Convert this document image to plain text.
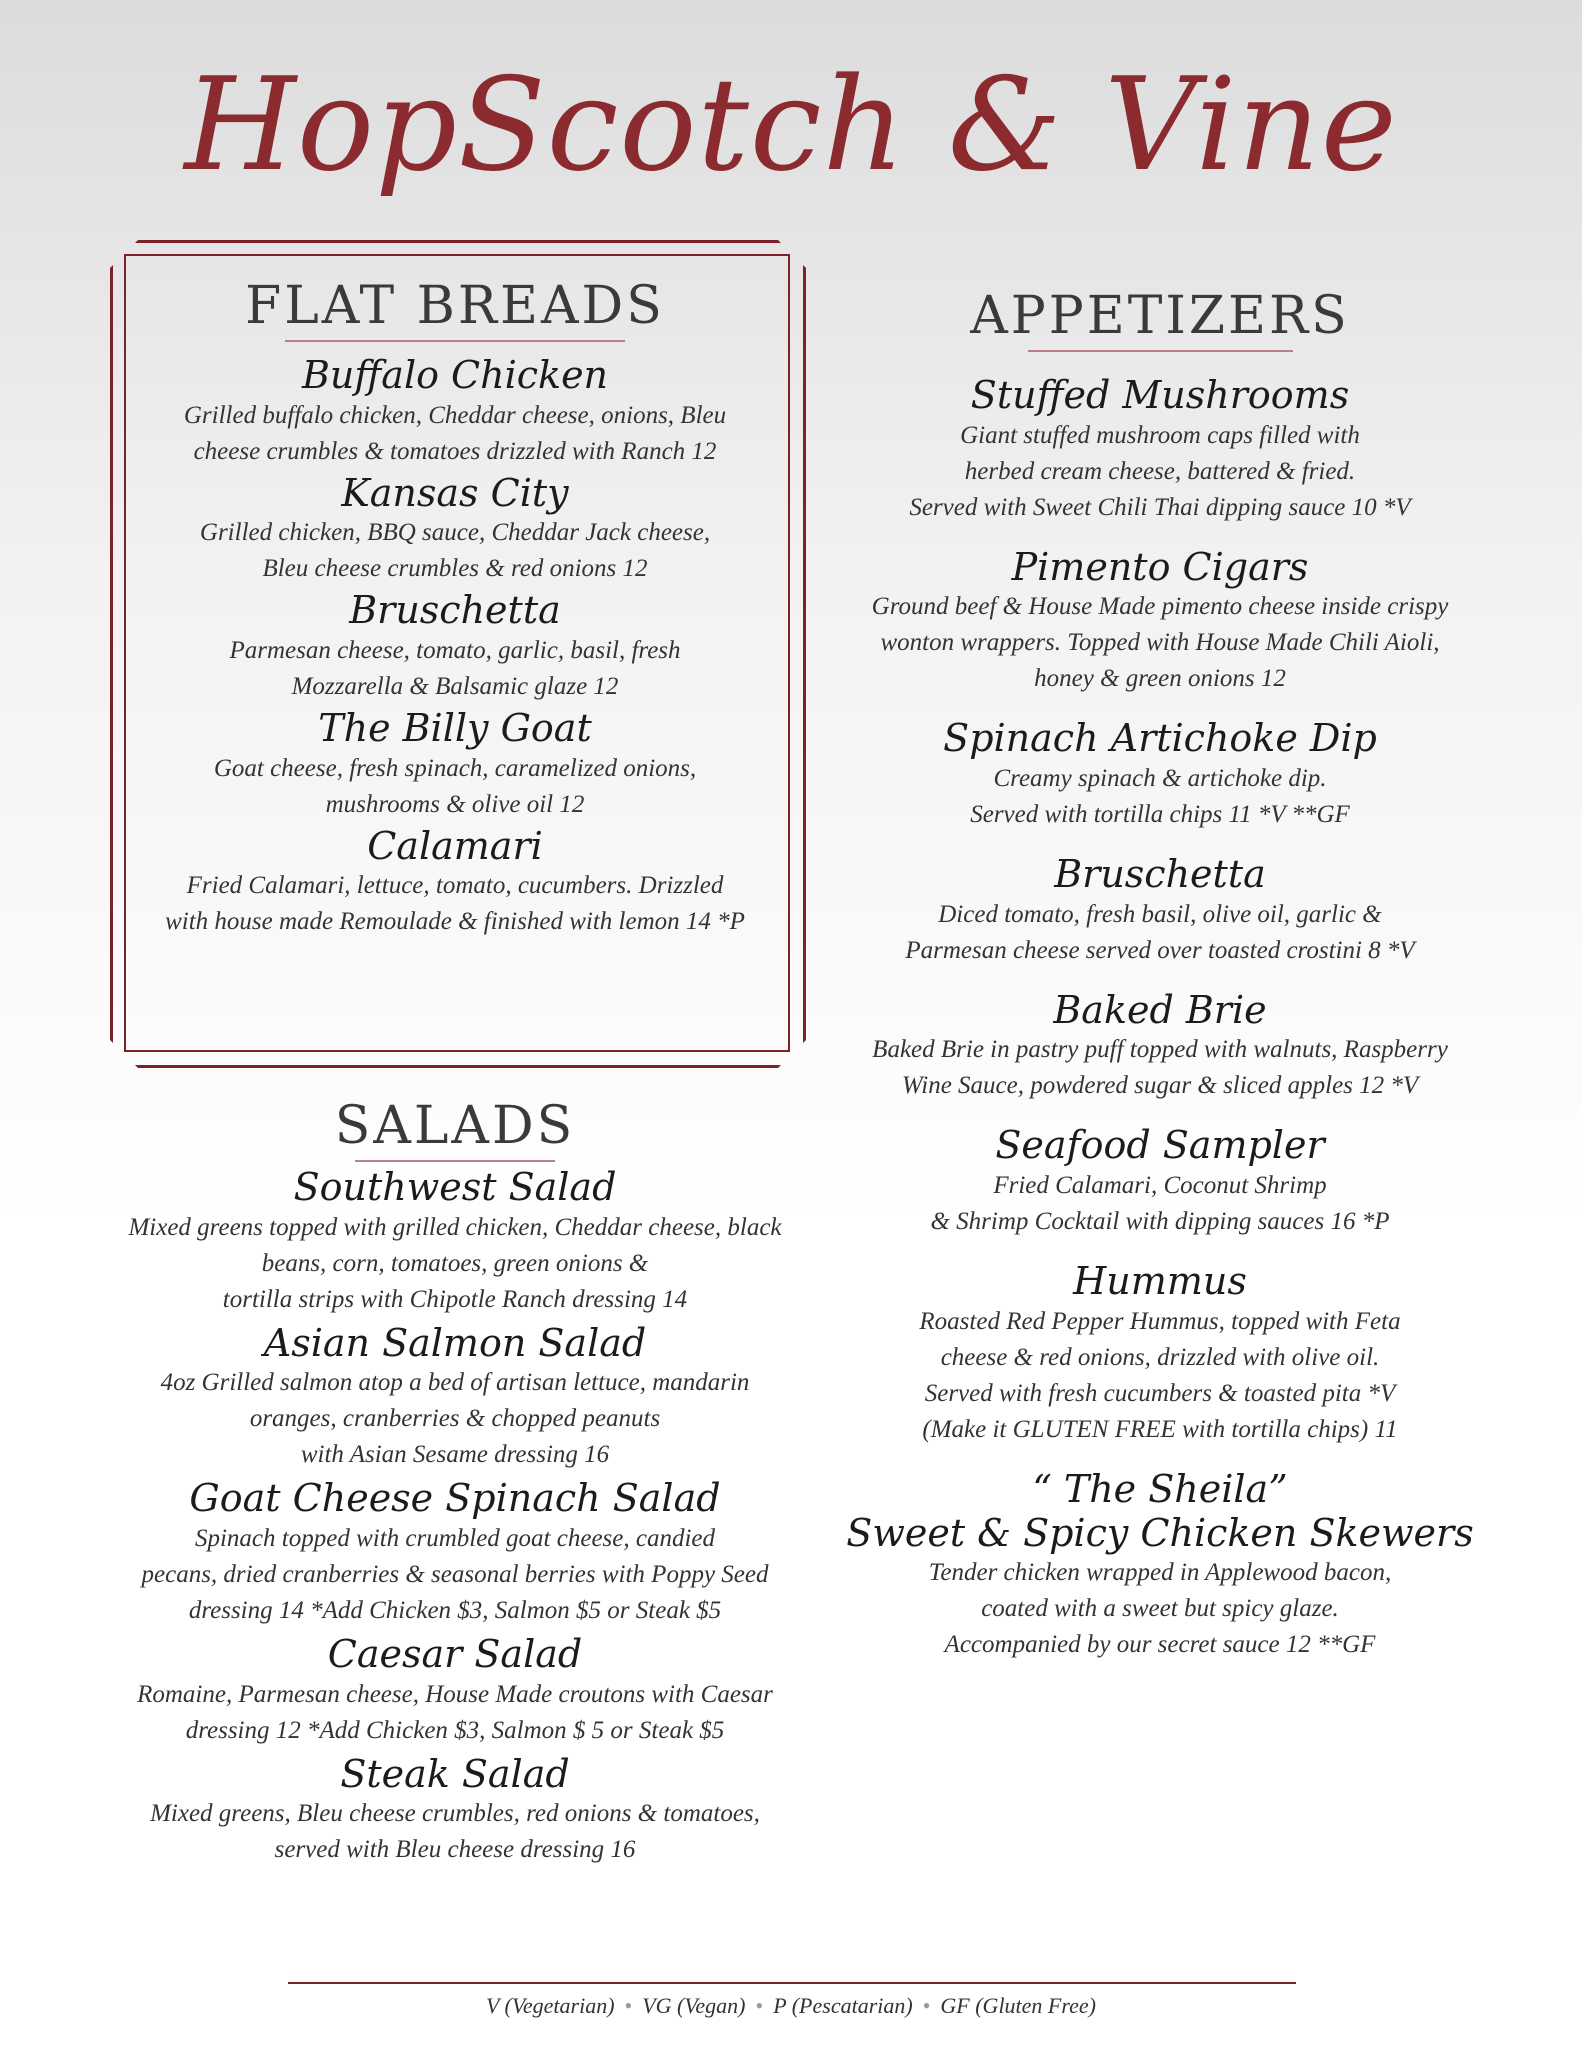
HopScotch & Vine
FLAT BREADS
Buffalo Chicken
Grilled buffalo chicken, Cheddar cheese, onions, Bleu
cheese crumbles & tomatoes drizzled with Ranch 12
Kansas City
Grilled chicken, BBQ sauce, Cheddar Jack cheese,
Bleu cheese crumbles & red onions 12
Bruschetta
Parmesan cheese, tomato, garlic, basil, fresh
Mozzarella & Balsamic glaze 12
The Billy Goat
Goat cheese, fresh spinach, caramelized onions,
mushrooms & olive oil 12
Calamari
Fried Calamari, lettuce, tomato, cucumbers. Drizzled
with house made Remoulade & finished with lemon 14 *P
APPETIZERS
Stuffed Mushrooms
Giant stuffed mushroom caps filled with
herbed cream cheese, battered & fried.
Served with Sweet Chili Thai dipping sauce 10 *V
Pimento Cigars
Ground beef & House Made pimento cheese inside crispy
wonton wrappers. Topped with House Made Chili Aioli,
honey & green onions 12
Spinach Artichoke Dip
Creamy spinach & artichoke dip.
Served with tortilla chips 11 *V **GF
Bruschetta
Diced tomato, fresh basil, olive oil, garlic &
Parmesan cheese served over toasted crostini 8 *V
Baked Brie
Baked Brie in pastry puff topped with walnuts, Raspberry
Wine Sauce, powdered sugar & sliced apples 12 *V
Seafood Sampler
Fried Calamari, Coconut Shrimp
& Shrimp Cocktail with dipping sauces 16 *P
Hummus
Roasted Red Pepper Hummus, topped with Feta
cheese & red onions, drizzled with olive oil.
Served with fresh cucumbers & toasted pita *V
(Make it GLUTEN FREE with tortilla chips) 11
“ The Sheila”
Sweet & Spicy Chicken Skewers
Tender chicken wrapped in Applewood bacon,
coated with a sweet but spicy glaze.
Accompanied by our secret sauce 12 **GF
SALADS
Southwest Salad
Mixed greens topped with grilled chicken, Cheddar cheese, black
beans, corn, tomatoes, green onions &
tortilla strips with Chipotle Ranch dressing 14
Asian Salmon Salad
4oz Grilled salmon atop a bed of artisan lettuce, mandarin
oranges, cranberries & chopped peanuts
with Asian Sesame dressing 16
Goat Cheese Spinach Salad
Spinach topped with crumbled goat cheese, candied
pecans, dried cranberries & seasonal berries with Poppy Seed
dressing 14 *Add Chicken $3, Salmon $5 or Steak $5
Caesar Salad
Romaine, Parmesan cheese, House Made croutons with Caesar
dressing 12 *Add Chicken $3, Salmon $ 5 or Steak $5
Steak Salad
Mixed greens, Bleu cheese crumbles, red onions & tomatoes,
served with Bleu cheese dressing 16
V (Vegetarian) • VG (Vegan) • P (Pescatarian) • GF (Gluten Free)
